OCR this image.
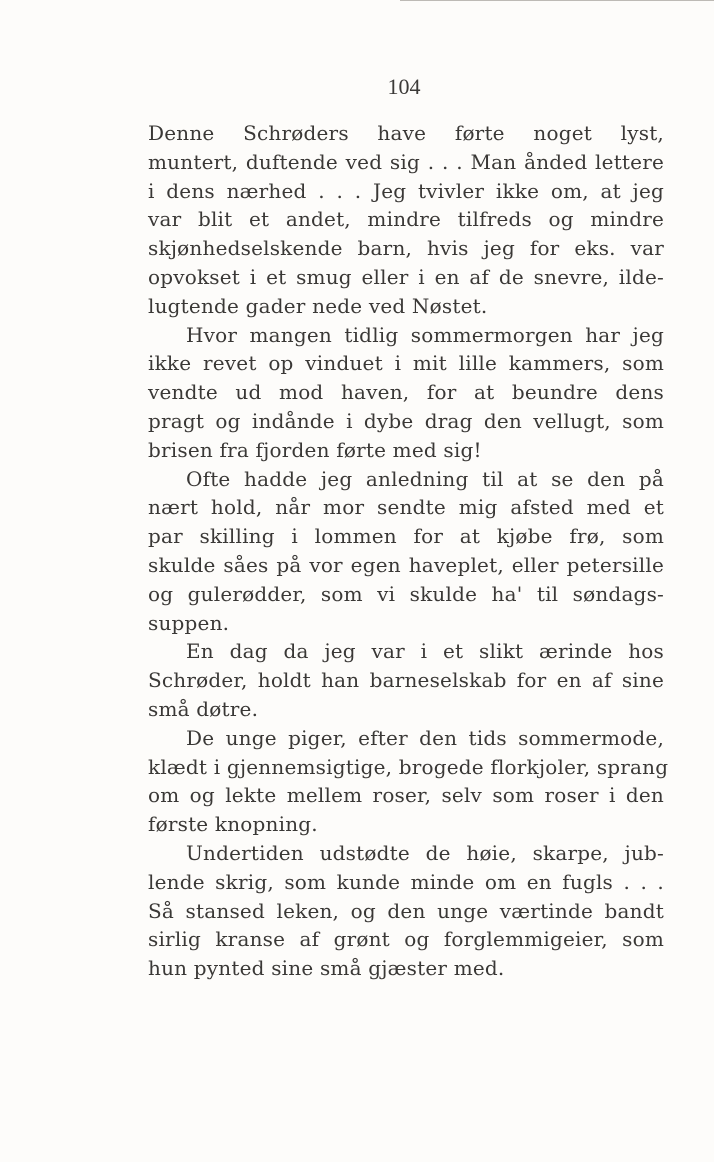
104

Denne Schrøders have førte noget lyst,
muntert, duftende ved sig . . . Man ånded lettere
i dens nærhed . . . Jeg tvivler ikke om, at jeg
var blit et andet, mindre tilfreds og mindre
skjønhedselskende barn, hvis jeg for eks. var
opvokset i et smug eller i en af de snevre, ilde-
lugtende gader nede ved Nøstet.

Hvor mangen tidlig sommermorgen har jeg
ikke revet op vinduet i mit lille kammers, som
vendte ud mod haven, for at beundre dens
pragt og indånde i dybe drag den vellugt, som
brisen fra fjorden førte med sig!

Ofte hadde jeg anledning til at se den på
nært hold, når mor sendte mig afsted med et
par skilling i lommen for at kjøbe frø, som
skulde såes på vor egen haveplet, eller petersille
og gulerødder, som vi skulde ha' til søndags-
suppen.

En dag da jeg var i et slikt ærinde hos
Schrøder, holdt han barneselskab for en af sine
små døtre.

De unge piger, efter den tids sommermode,
klædt i gjennemsigtige, brogede florkjoler, sprang
om og lekte mellem roser, selv som roser i den
første knopning.

Undertiden udstødte de høie, skarpe, jub-
lende skrig, som kunde minde om en fugls . . .
Så stansed leken, og den unge værtinde bandt
sirlig kranse af grønt og forglemmigeier, som
hun pynted sine små gjæster med.
